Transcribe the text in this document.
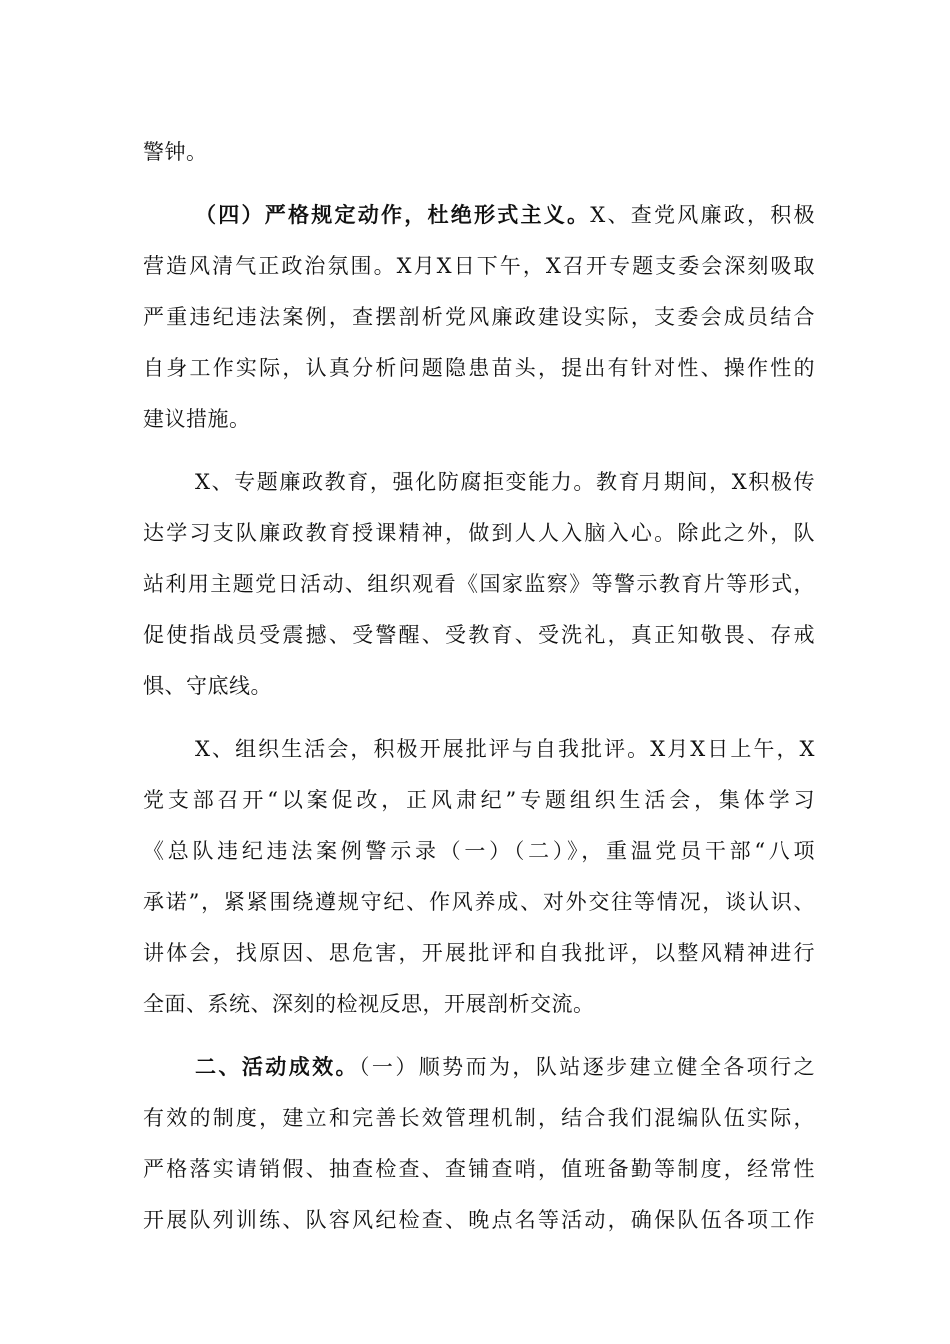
警钟。
（四）严格规定动作，杜绝形式主义。X、查党风廉政，积极
营造风清气正政治氛围。X月X日下午，X召开专题支委会深刻吸取
严重违纪违法案例，查摆剖析党风廉政建设实际，支委会成员结合
自身工作实际，认真分析问题隐患苗头，提出有针对性、操作性的
建议措施。
X、专题廉政教育，强化防腐拒变能力。教育月期间，X积极传
达学习支队廉政教育授课精神，做到人人入脑入心。除此之外，队
站利用主题党日活动、组织观看《国家监察》等警示教育片等形式，
促使指战员受震撼、受警醒、受教育、受洗礼，真正知敬畏、存戒
惧、守底线。
X、组织生活会，积极开展批评与自我批评。X月X日上午，X
党支部召开“以案促改，正风肃纪”专题组织生活会，集体学习
《总队违纪违法案例警示录（一）（二）》，重温党员干部“八项
承诺”，紧紧围绕遵规守纪、作风养成、对外交往等情况，谈认识、
讲体会，找原因、思危害，开展批评和自我批评，以整风精神进行
全面、系统、深刻的检视反思，开展剖析交流。
二、活动成效。（一）顺势而为，队站逐步建立健全各项行之
有效的制度，建立和完善长效管理机制，结合我们混编队伍实际，
严格落实请销假、抽查检查、查铺查哨，值班备勤等制度，经常性
开展队列训练、队容风纪检查、晚点名等活动，确保队伍各项工作
